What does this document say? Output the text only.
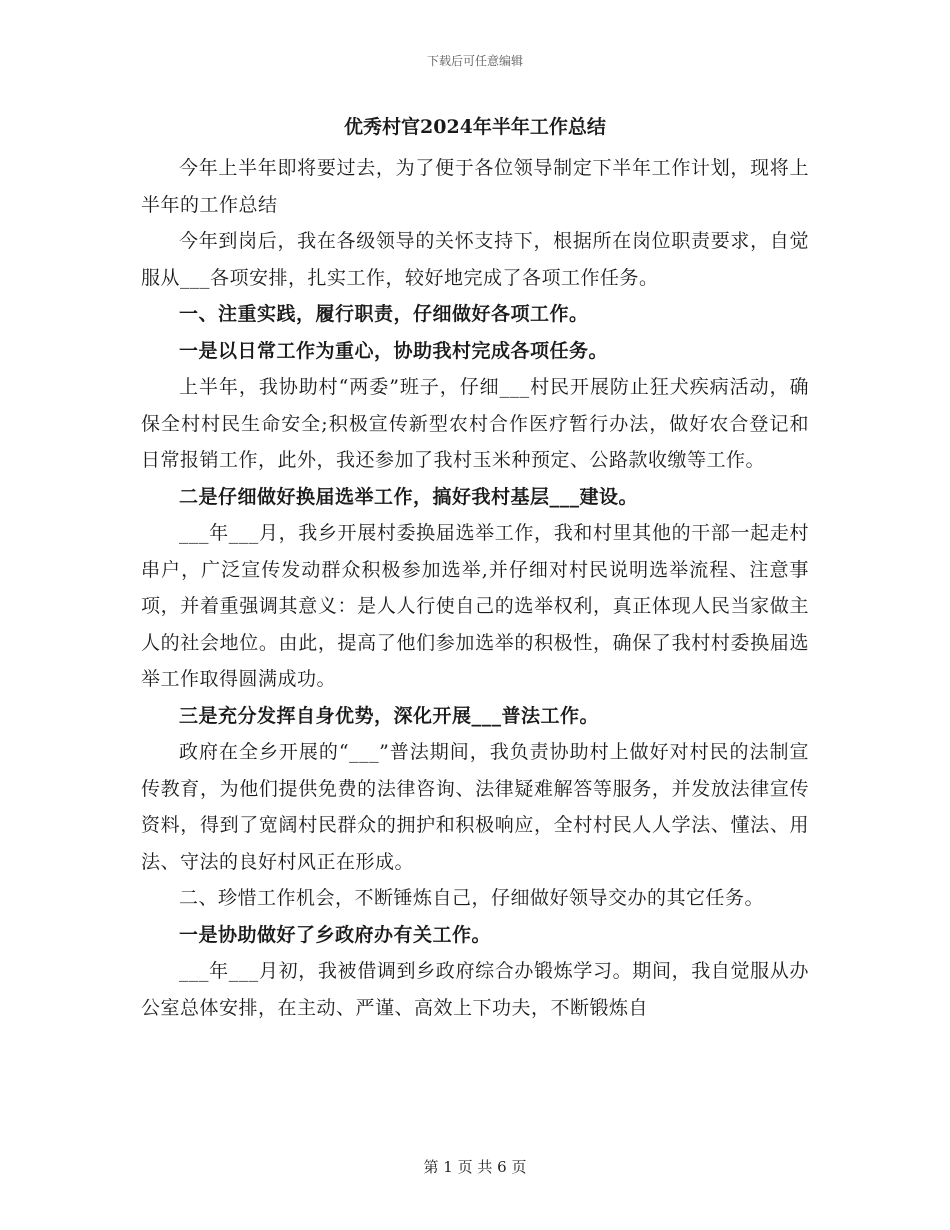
下载后可任意编辑
优秀村官2024年半年工作总结

今年上半年即将要过去，为了便于各位领导制定下半年工作计划，现将上半年的工作总结

今年到岗后，我在各级领导的关怀支持下，根据所在岗位职责要求，自觉服从___各项安排，扎实工作，较好地完成了各项工作任务。

一、注重实践，履行职责，仔细做好各项工作。

一是以日常工作为重心，协助我村完成各项任务。

上半年，我协助村“两委”班子，仔细___村民开展防止狂犬疾病活动，确保全村村民生命安全;积极宣传新型农村合作医疗暂行办法，做好农合登记和日常报销工作，此外，我还参加了我村玉米种预定、公路款收缴等工作。

二是仔细做好换届选举工作，搞好我村基层___建设。

___年___月，我乡开展村委换届选举工作，我和村里其他的干部一起走村串户，广泛宣传发动群众积极参加选举,并仔细对村民说明选举流程、注意事项，并着重强调其意义：是人人行使自己的选举权利，真正体现人民当家做主人的社会地位。由此，提高了他们参加选举的积极性，确保了我村村委换届选举工作取得圆满成功。

三是充分发挥自身优势，深化开展___普法工作。

政府在全乡开展的“___”普法期间，我负责协助村上做好对村民的法制宣传教育，为他们提供免费的法律咨询、法律疑难解答等服务，并发放法律宣传资料，得到了宽阔村民群众的拥护和积极响应，全村村民人人学法、懂法、用法、守法的良好村风正在形成。

二、珍惜工作机会，不断锤炼自己，仔细做好领导交办的其它任务。

一是协助做好了乡政府办有关工作。

___年___月初，我被借调到乡政府综合办锻炼学习。期间，我自觉服从办公室总体安排，在主动、严谨、高效上下功夫，不断锻炼自

第 1 页 共 6 页
